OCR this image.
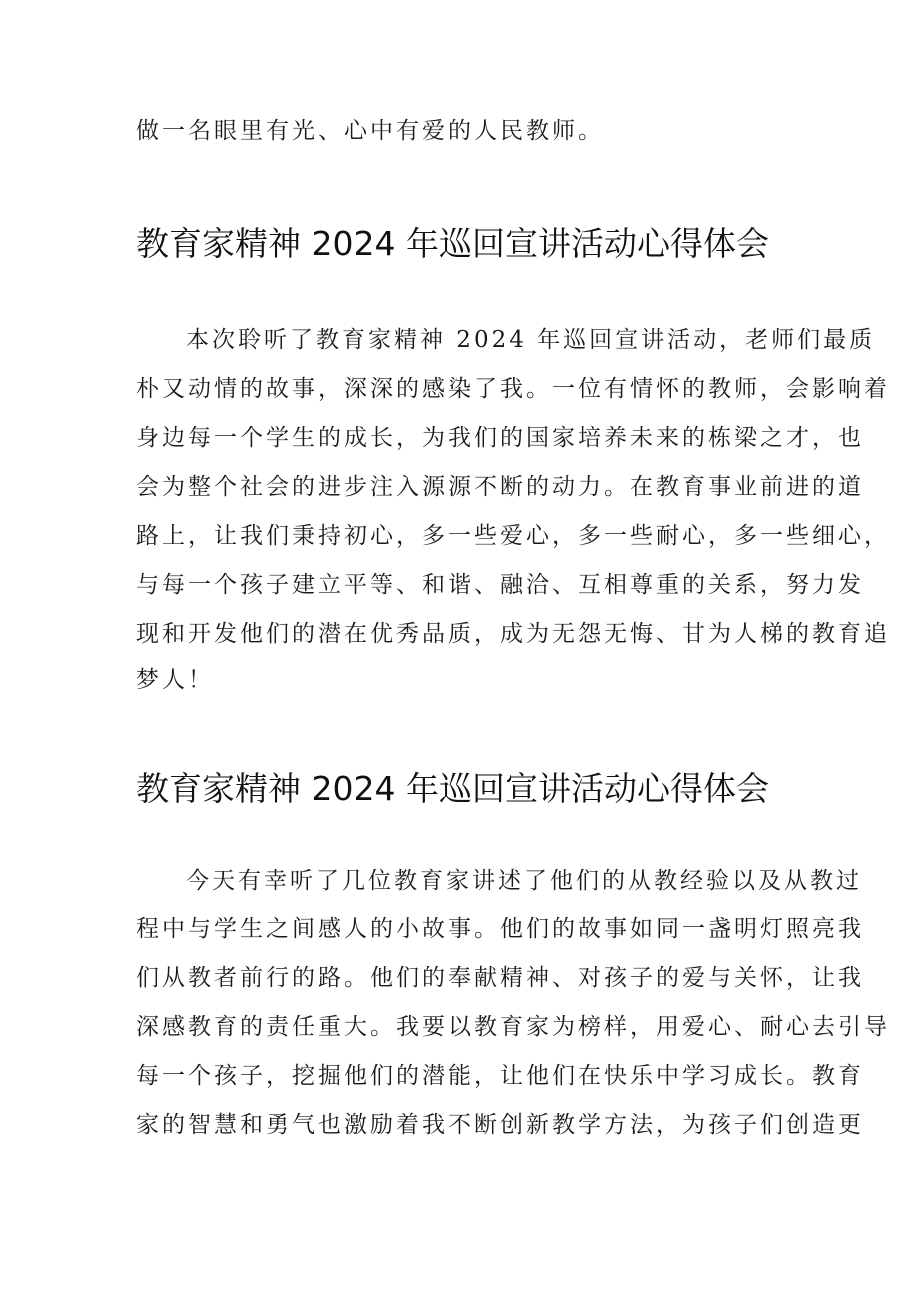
做一名眼里有光、心中有爱的人民教师。

教育家精神 2024 年巡回宣讲活动心得体会

本次聆听了教育家精神 2024 年巡回宣讲活动，老师们最质

朴又动情的故事，深深的感染了我。一位有情怀的教师，会影响着

身边每一个学生的成长，为我们的国家培养未来的栋梁之才，也

会为整个社会的进步注入源源不断的动力。在教育事业前进的道

路上，让我们秉持初心，多一些爱心，多一些耐心，多一些细心，

与每一个孩子建立平等、和谐、融洽、互相尊重的关系，努力发

现和开发他们的潜在优秀品质，成为无怨无悔、甘为人梯的教育追

梦人！

教育家精神 2024 年巡回宣讲活动心得体会

今天有幸听了几位教育家讲述了他们的从教经验以及从教过

程中与学生之间感人的小故事。他们的故事如同一盏明灯照亮我

们从教者前行的路。他们的奉献精神、对孩子的爱与关怀，让我

深感教育的责任重大。我要以教育家为榜样，用爱心、耐心去引导

每一个孩子，挖掘他们的潜能，让他们在快乐中学习成长。教育

家的智慧和勇气也激励着我不断创新教学方法，为孩子们创造更
